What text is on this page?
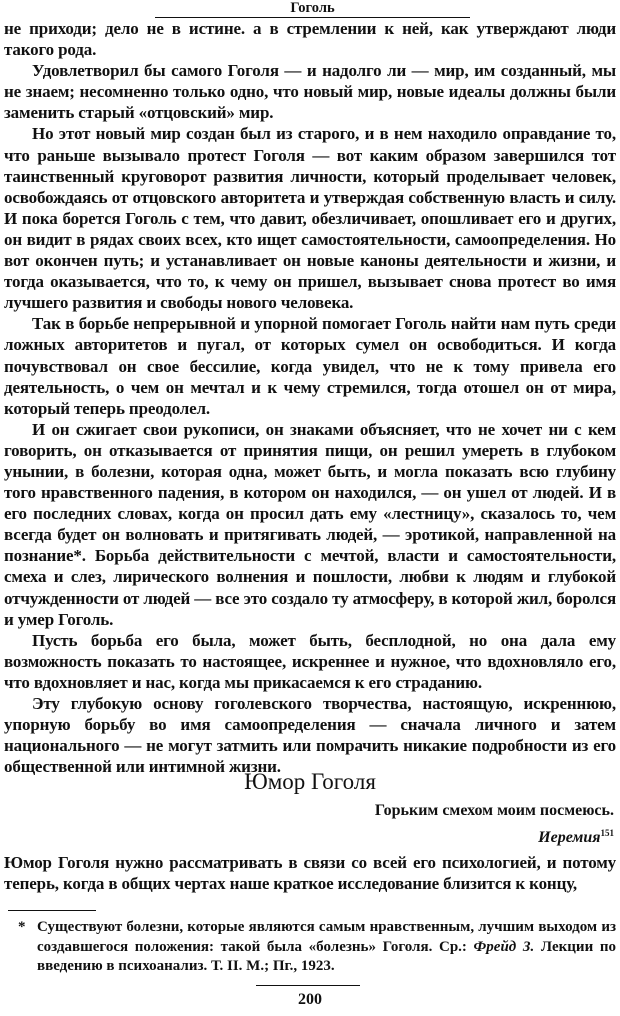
Гоголь

не приходи; дело не в истине. а в стремлении к ней, как утверждают люди такого рода.

Удовлетворил бы самого Гоголя — и надолго ли — мир, им созданный, мы не знаем; несомненно только одно, что новый мир, новые идеалы должны были заменить старый «отцовский» мир.

Но этот новый мир создан был из старого, и в нем находило оправдание то, что раньше вызывало протест Гоголя — вот каким образом завершился тот таинственный круговорот развития личности, который проделывает человек, освобождаясь от отцовского авторитета и утверждая собственную власть и силу. И пока борется Гоголь с тем, что давит, обезличивает, опошливает его и других, он видит в рядах своих всех, кто ищет самостоятельности, самоопределения. Но вот окончен путь; и устанавливает он новые каноны деятельности и жизни, и тогда оказывается, что то, к чему он пришел, вызывает снова протест во имя лучшего развития и свободы нового человека.

Так в борьбе непрерывной и упорной помогает Гоголь найти нам путь среди ложных авторитетов и пугал, от которых сумел он освободиться. И когда почувствовал он свое бессилие, когда увидел, что не к тому привела его деятельность, о чем он мечтал и к чему стремился, тогда отошел он от мира, который теперь преодолел.

И он сжигает свои рукописи, он знаками объясняет, что не хочет ни с кем говорить, он отказывается от принятия пищи, он решил умереть в глубоком унынии, в болезни, которая одна, может быть, и могла показать всю глубину того нравственного падения, в котором он находился, — он ушел от людей. И в его последних словах, когда он просил дать ему «лестницу», сказалось то, чем всегда будет он волновать и притягивать людей, — эротикой, направленной на познание*. Борьба действительности с мечтой, власти и самостоятельности, смеха и слез, лирического волнения и пошлости, любви к людям и глубокой отчужденности от людей — все это создало ту атмосферу, в которой жил, боролся и умер Гоголь.

Пусть борьба его была, может быть, бесплодной, но она дала ему возможность показать то настоящее, искреннее и нужное, что вдохновляло его, что вдохновляет и нас, когда мы прикасаемся к его страданию.

Эту глубокую основу гоголевского творчества, настоящую, искреннюю, упорную борьбу во имя самоопределения — сначала личного и затем национального — не могут затмить или помрачить никакие подробности из его общественной или интимной жизни.

Юмор Гоголя
Горьким смехом моим посмеюсь.
Иеремия$^{151}$

Юмор Гоголя нужно рассматривать в связи со всей его психологией, и потому теперь, когда в общих чертах наше краткое исследование близится к концу,

* Существуют болезни, которые являются самым нравственным, лучшим выходом из создавшегося положения: такой была «болезнь» Гоголя. Ср.: Фрейд З. Лекции по введению в психоанализ. Т. II. М.; Пг., 1923.
200
